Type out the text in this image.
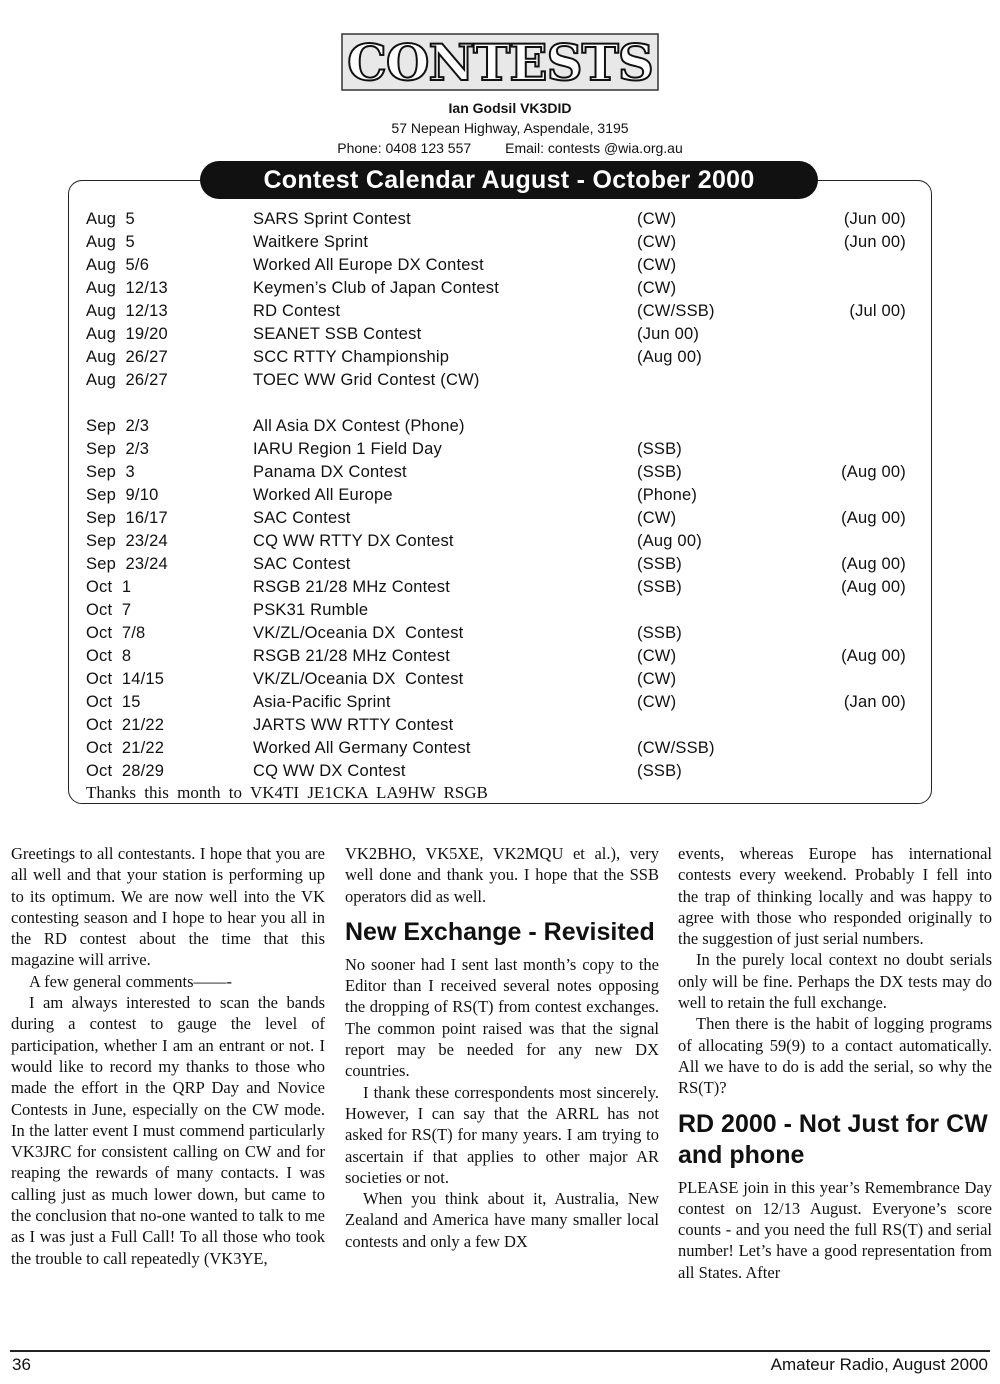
CONTESTS
Ian Godsil VK3DID
57 Nepean Highway, Aspendale, 3195
Phone: 0408 123 557 Email: contests @wia.org.au
Contest Calendar August - October 2000
Aug  5	SARS Sprint Contest	(CW)	(Jun 00)
Aug  5	Waitkere Sprint	(CW)	(Jun 00)
Aug  5/6	Worked All Europe DX Contest	(CW)
Aug  12/13	Keymen’s Club of Japan Contest	(CW)
Aug  12/13	RD Contest	(CW/SSB)	(Jul 00)
Aug  19/20	SEANET SSB Contest	(Jun 00)
Aug  26/27	SCC RTTY Championship	(Aug 00)
Aug  26/27	TOEC WW Grid Contest (CW)
Sep  2/3	All Asia DX Contest (Phone)
Sep  2/3	IARU Region 1 Field Day	(SSB)
Sep  3	Panama DX Contest	(SSB)	(Aug 00)
Sep  9/10	Worked All Europe	(Phone)
Sep  16/17	SAC Contest	(CW)	(Aug 00)
Sep  23/24	CQ WW RTTY DX Contest	(Aug 00)
Sep  23/24	SAC Contest	(SSB)	(Aug 00)
Oct  1	RSGB 21/28 MHz Contest	(SSB)	(Aug 00)
Oct  7	PSK31 Rumble
Oct  7/8	VK/ZL/Oceania DX  Contest	(SSB)
Oct  8	RSGB 21/28 MHz Contest	(CW)	(Aug 00)
Oct  14/15	VK/ZL/Oceania DX  Contest	(CW)
Oct  15	Asia-Pacific Sprint	(CW)	(Jan 00)
Oct  21/22	JARTS WW RTTY Contest
Oct  21/22	Worked All Germany Contest	(CW/SSB)
Oct  28/29	CQ WW DX Contest	(SSB)
Thanks this month to VK4TI JE1CKA LA9HW RSGB

Greetings to all contestants. I hope that you are all well and that your station is performing up to its optimum. We are now well into the VK contesting season and I hope to hear you all in the RD contest about the time that this magazine will arrive.

A few general comments——-

I am always interested to scan the bands during a contest to gauge the level of participation, whether I am an entrant or not. I would like to record my thanks to those who made the effort in the QRP Day and Novice Contests in June, especially on the CW mode. In the latter event I must commend particularly VK3JRC for consistent calling on CW and for reaping the rewards of many contacts. I was calling just as much lower down, but came to the conclusion that no-one wanted to talk to me as I was just a Full Call! To all those who took the trouble to call repeatedly (VK3YE,

VK2BHO, VK5XE, VK2MQU et al.), very well done and thank you. I hope that the SSB operators did as well.

New Exchange - Revisited

No sooner had I sent last month’s copy to the Editor than I received several notes opposing the dropping of RS(T) from contest exchanges. The common point raised was that the signal report may be needed for any new DX countries.

I thank these correspondents most sincerely. However, I can say that the ARRL has not asked for RS(T) for many years. I am trying to ascertain if that applies to other major AR societies or not.

When you think about it, Australia, New Zealand and America have many smaller local contests and only a few DX

events, whereas Europe has international contests every weekend. Probably I fell into the trap of thinking locally and was happy to agree with those who responded originally to the suggestion of just serial numbers.

In the purely local context no doubt serials only will be fine. Perhaps the DX tests may do well to retain the full exchange.

Then there is the habit of logging programs of allocating 59(9) to a contact automatically. All we have to do is add the serial, so why the RS(T)?

RD 2000 - Not Just for CW and phone

PLEASE join in this year’s Remembrance Day contest on 12/13 August. Everyone’s score counts - and you need the full RS(T) and serial number! Let’s have a good representation from all States. After

36	Amateur Radio, August 2000
